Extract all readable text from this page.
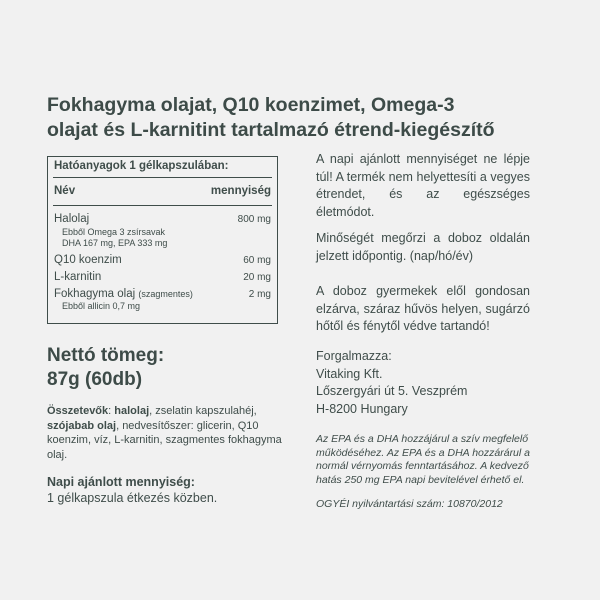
Fokhagyma olajat, Q10 koenzimet, Omega-3
olajat és L-karnitint tartalmazó étrend-kiegészítő
Hatóanyagok 1 gélkapszulában:
Név	mennyiség
Halolaj	800 mg
Ebből Omega 3 zsírsavak
DHA 167 mg, EPA 333 mg
Q10 koenzim	60 mg
L-karnitin	20 mg
Fokhagyma olaj (szagmentes)	2 mg
Ebből allicin 0,7 mg
Nettó tömeg:
87g (60db)
Összetevők: halolaj, zselatin kapszulahéj, szójabab olaj, nedvesítőszer: glicerin, Q10 koenzim, víz, L-karnitin, szagmentes fokhagyma olaj.
Napi ajánlott mennyiség:
1 gélkapszula étkezés közben.
A napi ajánlott mennyiséget ne lépje túl! A termék nem helyettesíti a vegyes étrendet, és az egészséges életmódot.
Minőségét megőrzi a doboz oldalán jelzett időpontig. (nap/hó/év)
A doboz gyermekek elől gondosan elzárva, száraz hűvös helyen, sugárzó hőtől és fénytől védve tartandó!
Forgalmazza:
Vitaking Kft.
Lőszergyári út 5. Veszprém
H-8200 Hungary
Az EPA és a DHA hozzájárul a szív megfelelő működéséhez. Az EPA és a DHA hozzárárul a normál vérnyomás fenntartásához. A kedvező hatás 250 mg EPA napi bevitelével érhető el.
OGYÉI nyilvántartási szám: 10870/2012
